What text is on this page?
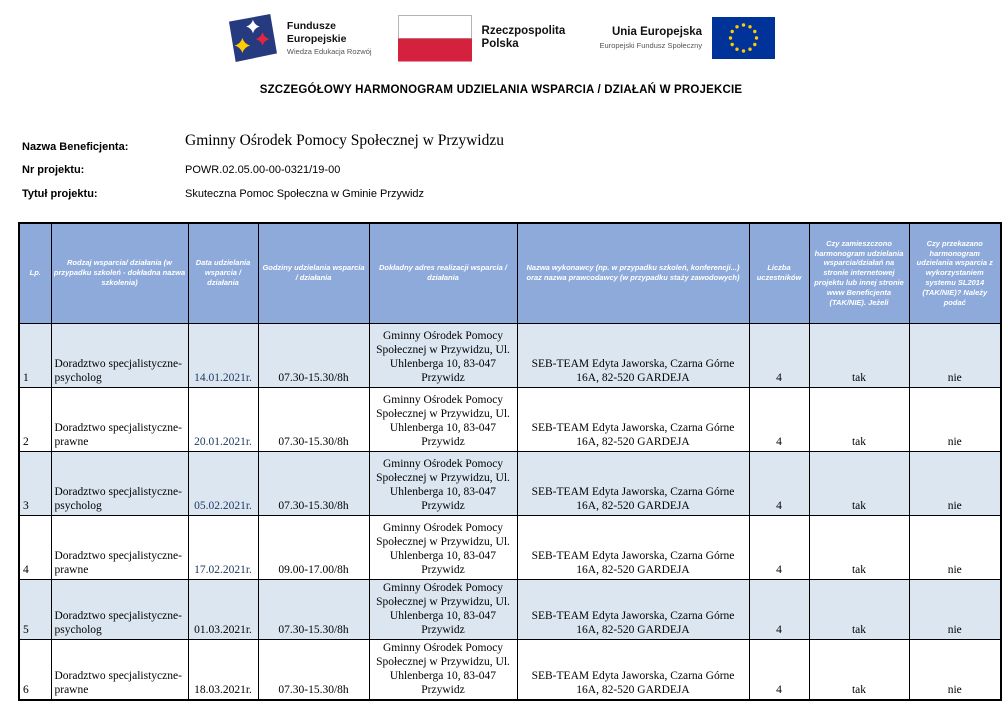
Fundusze Europejskie
Wiedza Edukacja Rozwój
Rzeczpospolita Polska
Unia Europejska
Europejski Fundusz Społeczny
SZCZEGÓŁOWY HARMONOGRAM UDZIELANIA WSPARCIA / DZIAŁAŃ W PROJEKCIE
Nazwa Beneficjenta:	Gminny Ośrodek Pomocy Społecznej w Przywidzu
Nr projektu:	POWR.02.05.00-00-0321/19-00
Tytuł projektu:	Skuteczna Pomoc Społeczna w Gminie Przywidz
Lp.	Rodzaj wsparcia/ działania (w przypadku szkoleń - dokładna nazwa szkolenia)	Data udzielania wsparcia / działania	Godziny udzielania wsparcia / działania	Dokładny adres realizacji wsparcia / działania	Nazwa wykonawcy (np. w przypadku szkoleń, konferencji...) oraz nazwa prawcodawcy (w przypadku staży zawodowych)	Liczba uczestników	Czy zamieszczono harmonogram udzielania wsparcia/działań na stronie internetowej projektu lub innej stronie www Beneficjenta (TAK/NIE). Jeżeli	Czy przekazano harmonogram udzielania wsparcia z wykorzystaniem systemu SL2014 (TAK/NIE)? Należy podać

1	Doradztwo specjalistyczne-psycholog	14.01.2021r.	07.30-15.30/8h	Gminny Ośrodek Pomocy Społecznej w Przywidzu, Ul. Uhlenberga 10, 83-047 Przywidz	SEB-TEAM Edyta Jaworska, Czarna Górne 16A, 82-520 GARDEJA	4	tak	nie
2	Doradztwo specjalistyczne-prawne	20.01.2021r.	07.30-15.30/8h	Gminny Ośrodek Pomocy Społecznej w Przywidzu, Ul. Uhlenberga 10, 83-047 Przywidz	SEB-TEAM Edyta Jaworska, Czarna Górne 16A, 82-520 GARDEJA	4	tak	nie
3	Doradztwo specjalistyczne-psycholog	05.02.2021r.	07.30-15.30/8h	Gminny Ośrodek Pomocy Społecznej w Przywidzu, Ul. Uhlenberga 10, 83-047 Przywidz	SEB-TEAM Edyta Jaworska, Czarna Górne 16A, 82-520 GARDEJA	4	tak	nie
4	Doradztwo specjalistyczne-prawne	17.02.2021r.	09.00-17.00/8h	Gminny Ośrodek Pomocy Społecznej w Przywidzu, Ul. Uhlenberga 10, 83-047 Przywidz	SEB-TEAM Edyta Jaworska, Czarna Górne 16A, 82-520 GARDEJA	4	tak	nie
5	Doradztwo specjalistyczne-psycholog	01.03.2021r.	07.30-15.30/8h	Gminny Ośrodek Pomocy Społecznej w Przywidzu, Ul. Uhlenberga 10, 83-047 Przywidz	SEB-TEAM Edyta Jaworska, Czarna Górne 16A, 82-520 GARDEJA	4	tak	nie
6	Doradztwo specjalistyczne-prawne	18.03.2021r.	07.30-15.30/8h	Gminny Ośrodek Pomocy Społecznej w Przywidzu, Ul. Uhlenberga 10, 83-047 Przywidz	SEB-TEAM Edyta Jaworska, Czarna Górne 16A, 82-520 GARDEJA	4	tak	nie
